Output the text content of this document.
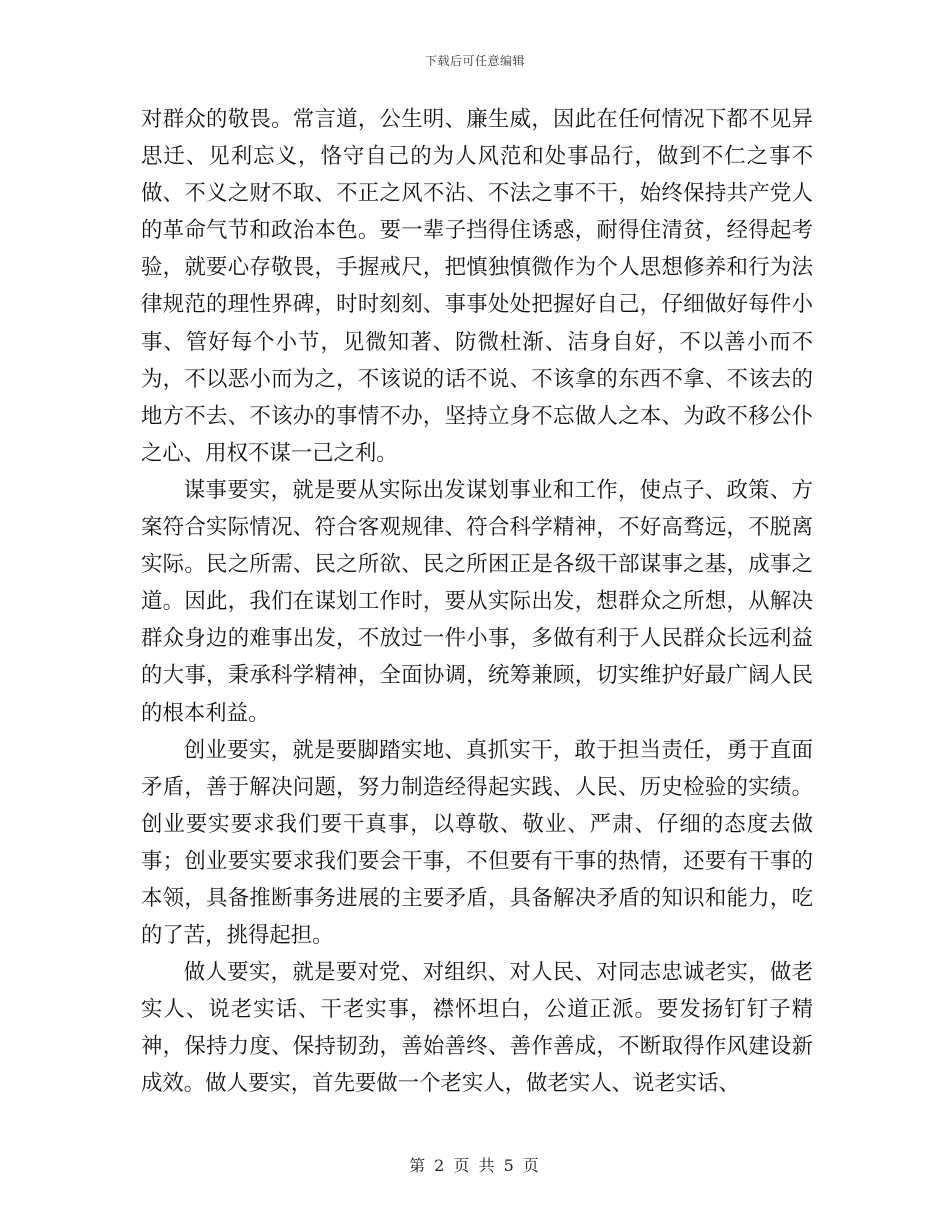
下载后可任意编辑

对群众的敬畏。常言道，公生明、廉生威，因此在任何情况下都不见异思迁、见利忘义，恪守自己的为人风范和处事品行，做到不仁之事不做、不义之财不取、不正之风不沾、不法之事不干，始终保持共产党人的革命气节和政治本色。要一辈子挡得住诱惑，耐得住清贫，经得起考验，就要心存敬畏，手握戒尺，把慎独慎微作为个人思想修养和行为法律规范的理性界碑，时时刻刻、事事处处把握好自己，仔细做好每件小事、管好每个小节，见微知著、防微杜渐、洁身自好，不以善小而不为，不以恶小而为之，不该说的话不说、不该拿的东西不拿、不该去的地方不去、不该办的事情不办，坚持立身不忘做人之本、为政不移公仆之心、用权不谋一己之利。

谋事要实，就是要从实际出发谋划事业和工作，使点子、政策、方案符合实际情况、符合客观规律、符合科学精神，不好高骛远，不脱离实际。民之所需、民之所欲、民之所困正是各级干部谋事之基，成事之道。因此，我们在谋划工作时，要从实际出发，想群众之所想，从解决群众身边的难事出发，不放过一件小事，多做有利于人民群众长远利益的大事，秉承科学精神，全面协调，统筹兼顾，切实维护好最广阔人民的根本利益。

创业要实，就是要脚踏实地、真抓实干，敢于担当责任，勇于直面矛盾，善于解决问题，努力制造经得起实践、人民、历史检验的实绩。创业要实要求我们要干真事，以尊敬、敬业、严肃、仔细的态度去做事；创业要实要求我们要会干事，不但要有干事的热情，还要有干事的本领，具备推断事务进展的主要矛盾，具备解决矛盾的知识和能力，吃的了苦，挑得起担。

做人要实，就是要对党、对组织、对人民、对同志忠诚老实，做老实人、说老实话、干老实事，襟怀坦白，公道正派。要发扬钉钉子精神，保持力度、保持韧劲，善始善终、善作善成，不断取得作风建设新成效。做人要实，首先要做一个老实人，做老实人、说老实话、

第 2 页 共 5 页
